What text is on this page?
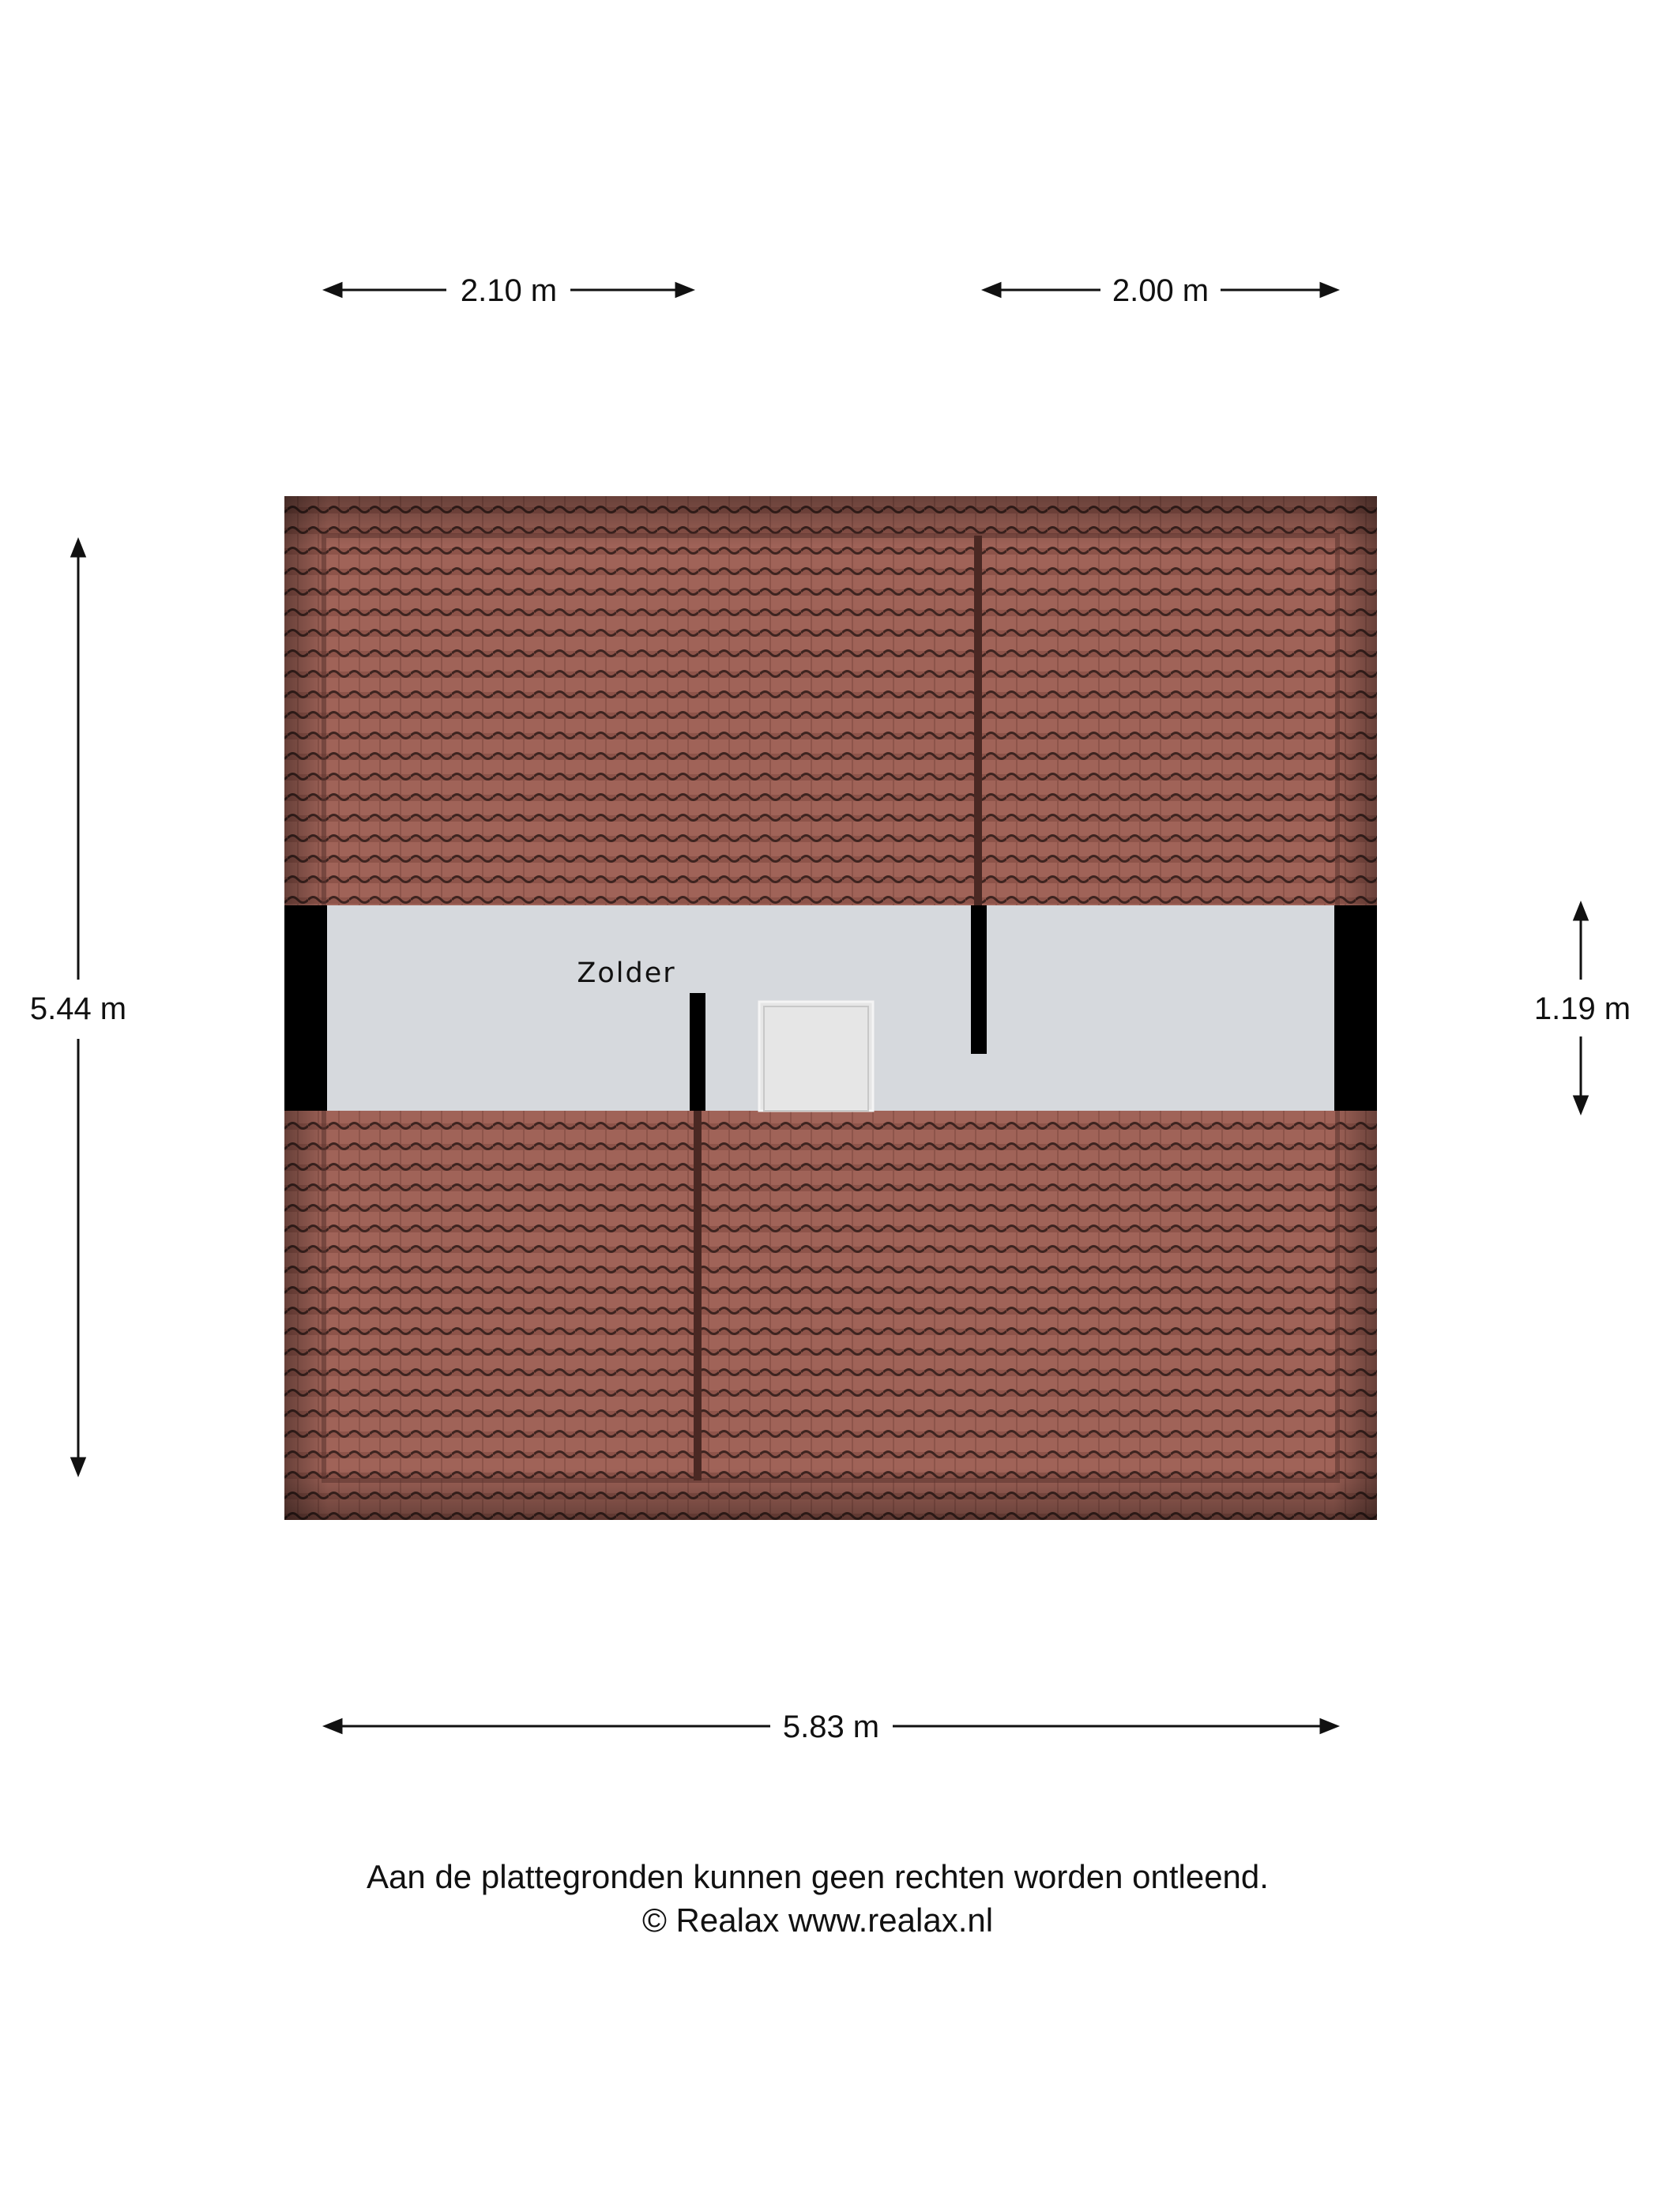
2.10 m	2.00 m
5.44 m	1.19 m
5.83 m
Zolder
Aan de plattegronden kunnen geen rechten worden ontleend.
© Realax www.realax.nl
